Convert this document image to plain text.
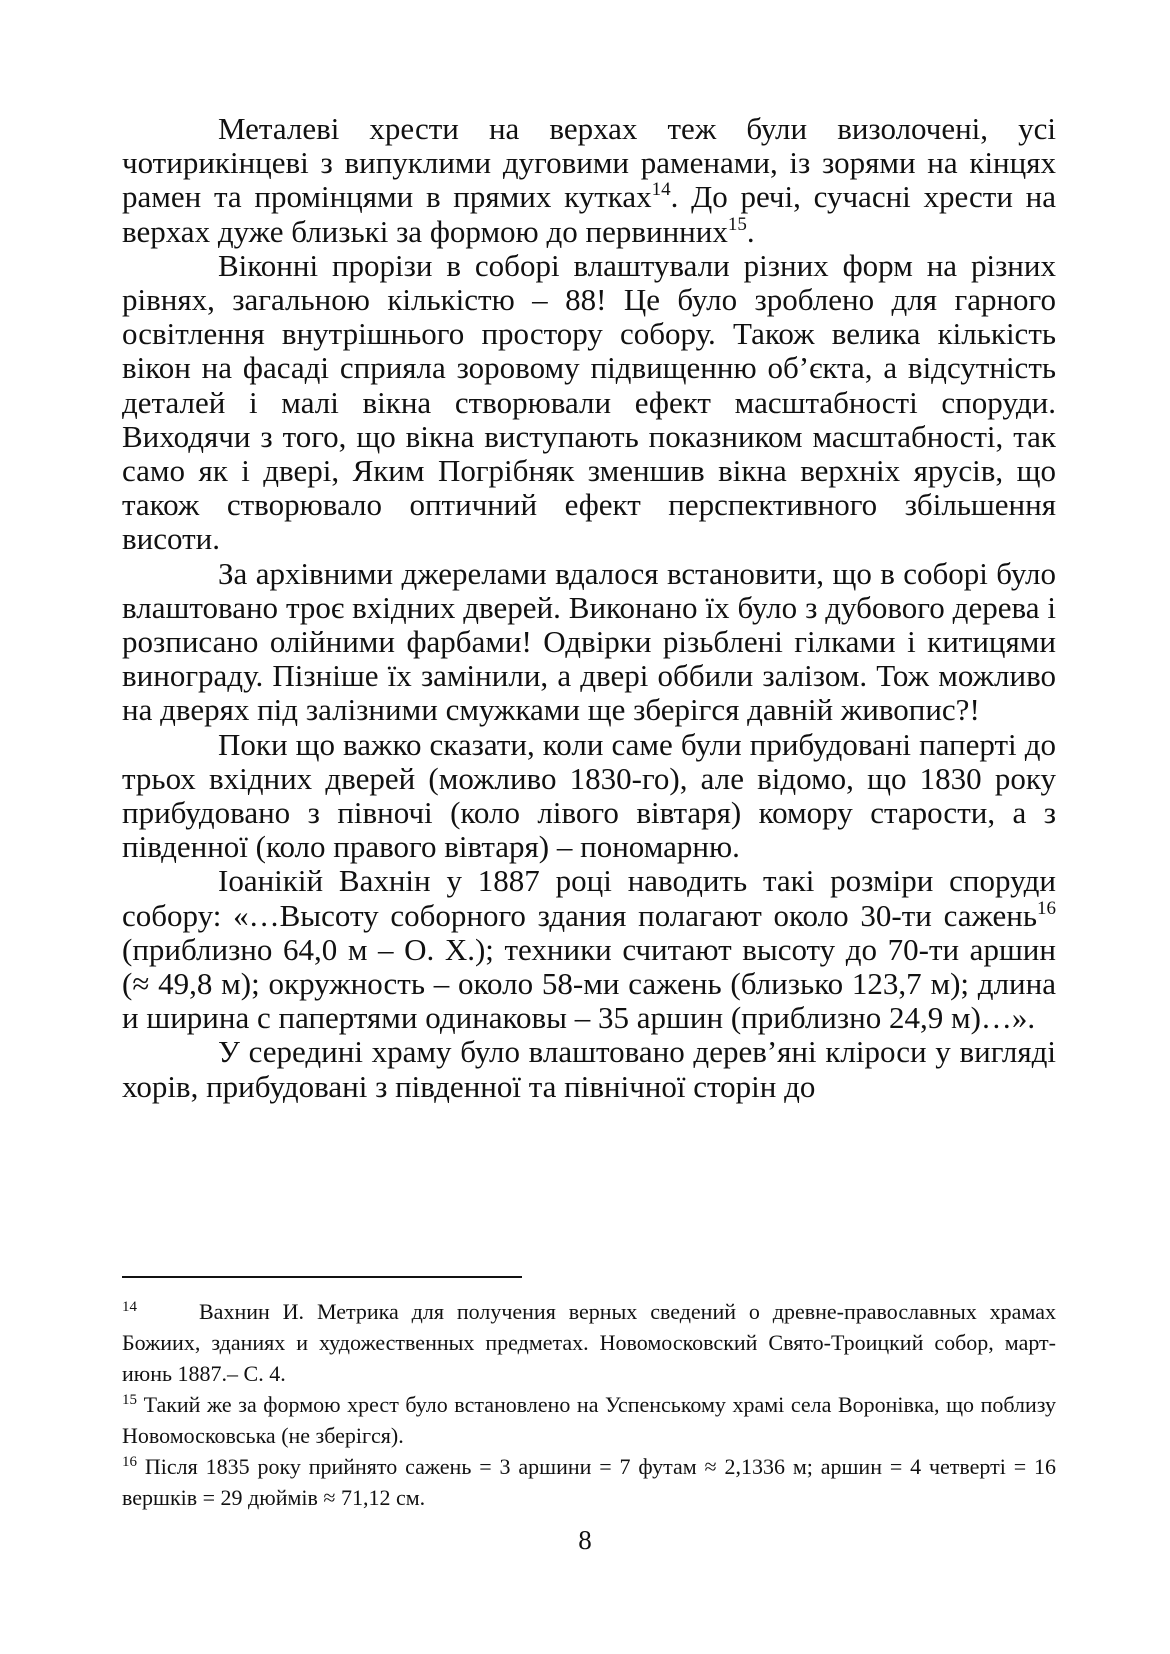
Металеві хрести на верхах теж були визолочені, усі чотирикінцеві з випуклими дуговими раменами, із зорями на кінцях рамен та промінцями в прямих кутках$^{14}$. До речі, сучасні хрести на верхах дуже близькі за формою до первинних$^{15}$.

Віконні прорізи в соборі влаштували різних форм на різних рівнях, загальною кількістю – 88! Це було зроблено для гарного освітлення внутрішнього простору собору. Також велика кількість вікон на фасаді сприяла зоровому підвищенню об’єкта, а відсутність деталей і малі вікна створювали ефект масштабності споруди. Виходячи з того, що вікна виступають показником масштабності, так само як і двері, Яким Погрібняк зменшив вікна верхніх ярусів, що також створювало оптичний ефект перспективного збільшення висоти.

За архівними джерелами вдалося встановити, що в соборі було влаштовано троє вхідних дверей. Виконано їх було з дубового дерева і розписано олійними фарбами! Одвірки різьблені гілками і китицями винограду. Пізніше їх замінили, а двері оббили залізом. Тож можливо на дверях під залізними смужками ще зберігся давній живопис?!

Поки що важко сказати, коли саме були прибудовані паперті до трьох вхідних дверей (можливо 1830-го), але відомо, що 1830 року прибудовано з півночі (коло лівого вівтаря) комору старости, а з південної (коло правого вівтаря) – пономарню.

Іоанікій Вахнін у 1887 році наводить такі розміри споруди собору: «…Высоту соборного здания полагают около 30-ти сажень$^{16}$ (приблизно 64,0 м – О. Х.); техники считают высоту до 70-ти аршин (≈ 49,8 м); окружность – около 58-ми сажень (близько 123,7 м); длина и ширина с папертями одинаковы – 35 аршин (приблизно 24,9 м)…».

У середині храму було влаштовано дерев’яні кліроси у вигляді хорів, прибудовані з південної та північної сторін до

$^{14}$	Вахнин И. Метрика для получения верных сведений о древне-православных храмах Божиих, зданиях и художественных предметах. Новомосковский Свято-Троицкий собор, март-июнь 1887.– С. 4.

$^{15}$ Такий же за формою хрест було встановлено на Успенському храмі села Воронівка, що поблизу Новомосковська (не зберігся).

$^{16}$ Після 1835 року прийнято сажень = 3 аршини = 7 футам ≈ 2,1336 м; аршин = 4 четверті = 16 вершків = 29 дюймів ≈ 71,12 см.

8
